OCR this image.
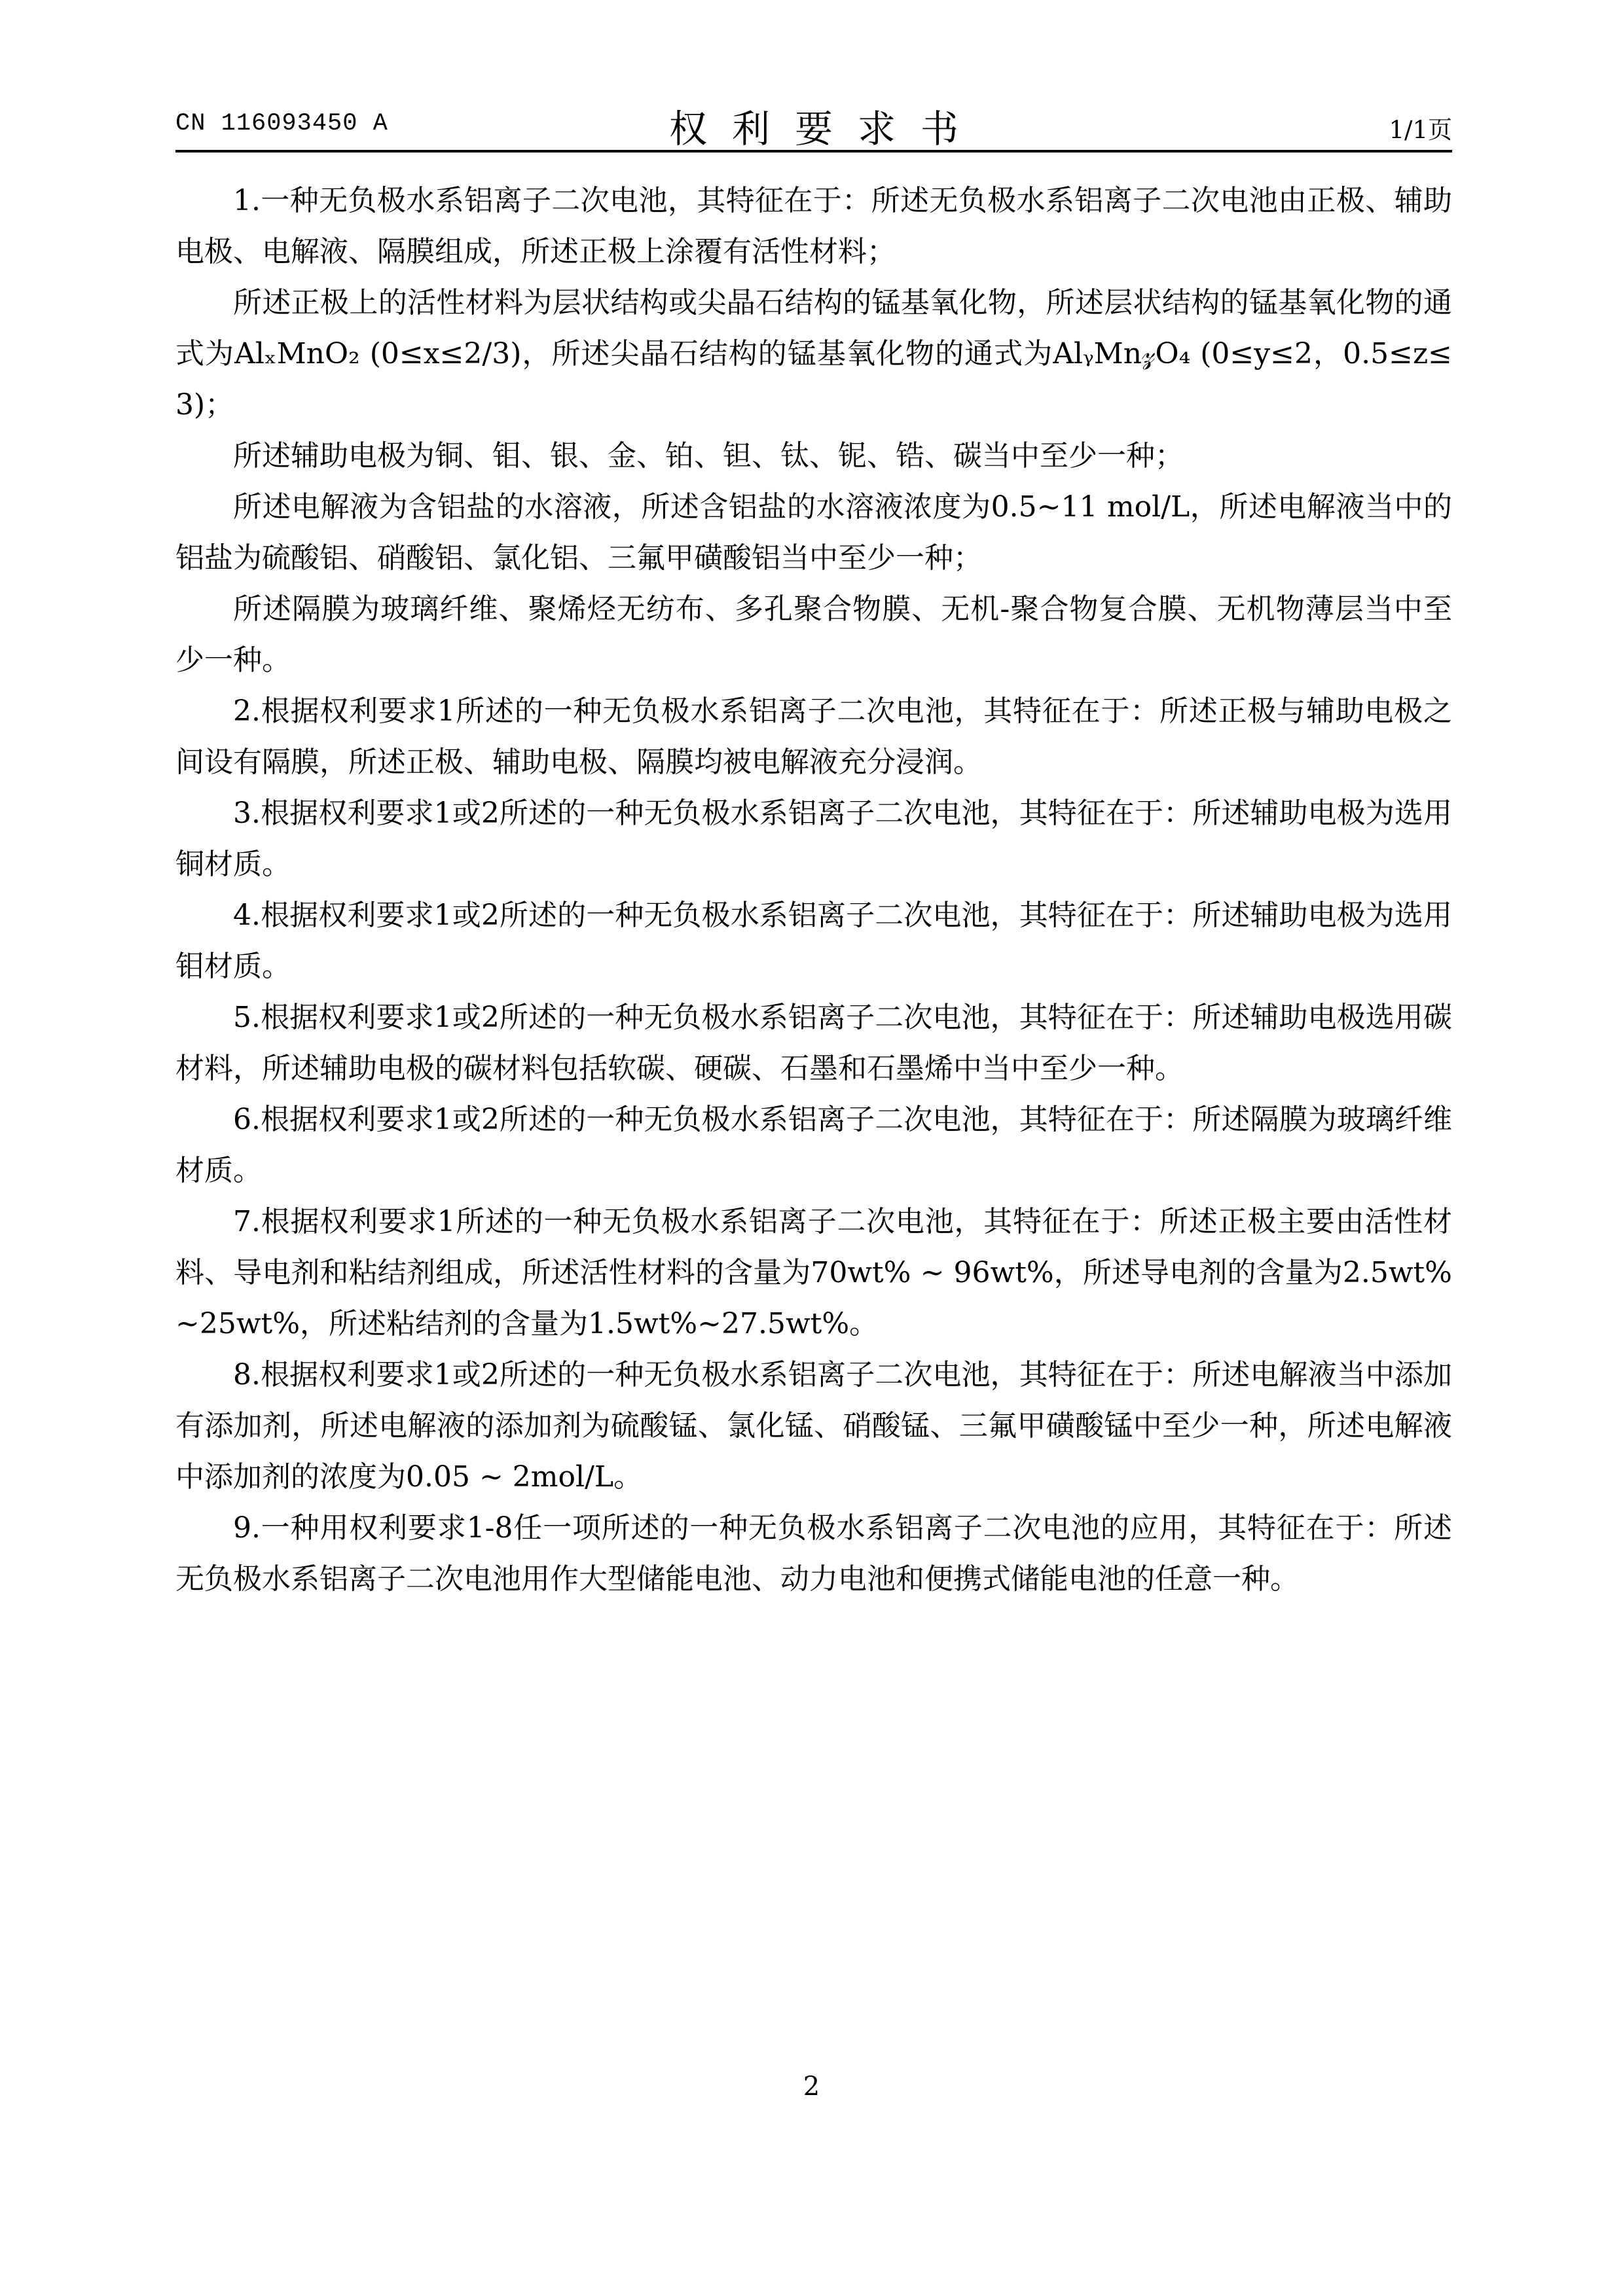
CN 116093450 A	权利要求书	1/1页

1.一种无负极水系铝离子二次电池，其特征在于：所述无负极水系铝离子二次电池由正极、辅助电极、电解液、隔膜组成，所述正极上涂覆有活性材料；

所述正极上的活性材料为层状结构或尖晶石结构的锰基氧化物，所述层状结构的锰基氧化物的通式为AlₓMnO₂ (0≤x≤2/3)，所述尖晶石结构的锰基氧化物的通式为AlᵧMn𝓏O₄ (0≤y≤2，0.5≤z≤3)；

所述辅助电极为铜、钼、银、金、铂、钽、钛、铌、锆、碳当中至少一种；

所述电解液为含铝盐的水溶液，所述含铝盐的水溶液浓度为0.5~11 mol/L，所述电解液当中的铝盐为硫酸铝、硝酸铝、氯化铝、三氟甲磺酸铝当中至少一种；

所述隔膜为玻璃纤维、聚烯烃无纺布、多孔聚合物膜、无机-聚合物复合膜、无机物薄层当中至少一种。

2.根据权利要求1所述的一种无负极水系铝离子二次电池，其特征在于：所述正极与辅助电极之间设有隔膜，所述正极、辅助电极、隔膜均被电解液充分浸润。

3.根据权利要求1或2所述的一种无负极水系铝离子二次电池，其特征在于：所述辅助电极为选用铜材质。

4.根据权利要求1或2所述的一种无负极水系铝离子二次电池，其特征在于：所述辅助电极为选用钼材质。

5.根据权利要求1或2所述的一种无负极水系铝离子二次电池，其特征在于：所述辅助电极选用碳材料，所述辅助电极的碳材料包括软碳、硬碳、石墨和石墨烯中当中至少一种。

6.根据权利要求1或2所述的一种无负极水系铝离子二次电池，其特征在于：所述隔膜为玻璃纤维材质。

7.根据权利要求1所述的一种无负极水系铝离子二次电池，其特征在于：所述正极主要由活性材料、导电剂和粘结剂组成，所述活性材料的含量为70wt% ~ 96wt%，所述导电剂的含量为2.5wt%~25wt%，所述粘结剂的含量为1.5wt%~27.5wt%。

8.根据权利要求1或2所述的一种无负极水系铝离子二次电池，其特征在于：所述电解液当中添加有添加剂，所述电解液的添加剂为硫酸锰、氯化锰、硝酸锰、三氟甲磺酸锰中至少一种，所述电解液中添加剂的浓度为0.05 ~ 2mol/L。

9.一种用权利要求1-8任一项所述的一种无负极水系铝离子二次电池的应用，其特征在于：所述无负极水系铝离子二次电池用作大型储能电池、动力电池和便携式储能电池的任意一种。

2
